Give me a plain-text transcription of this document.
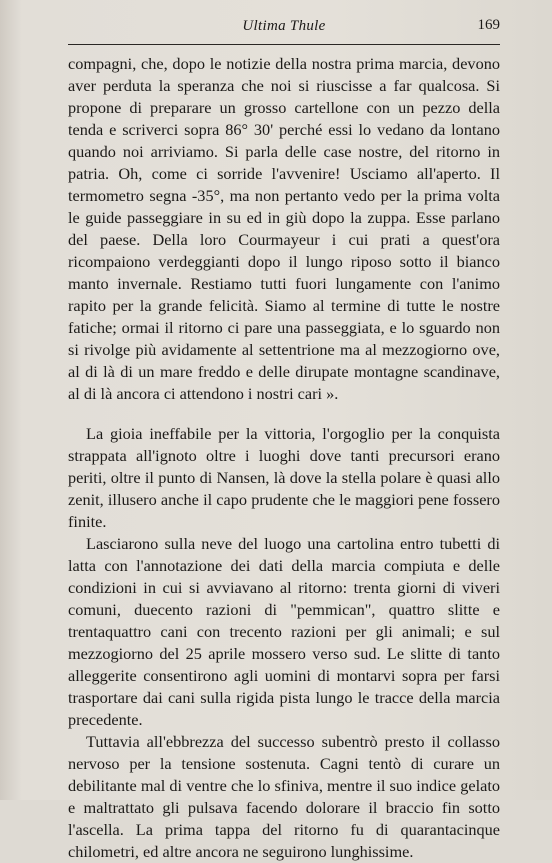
Ultima Thule	169

compagni, che, dopo le notizie della nostra prima marcia, devono aver perduta la speranza che noi si riuscisse a far qualcosa. Si propone di preparare un grosso cartellone con un pezzo della tenda e scriverci sopra 86° 30' perché essi lo vedano da lontano quando noi arriviamo. Si parla delle case nostre, del ritorno in patria. Oh, come ci sorride l'avvenire! Usciamo all'aperto. Il termometro segna -35°, ma non pertanto vedo per la prima volta le guide passeggiare in su ed in giù dopo la zuppa. Esse parlano del paese. Della loro Courmayeur i cui prati a quest'ora ricompaiono verdeggianti dopo il lungo riposo sotto il bianco manto invernale. Restiamo tutti fuori lungamente con l'animo rapito per la grande felicità. Siamo al termine di tutte le nostre fatiche; ormai il ritorno ci pare una passeggiata, e lo sguardo non si rivolge più avidamente al settentrione ma al mezzogiorno ove, al di là di un mare freddo e delle dirupate montagne scandinave, al di là ancora ci attendono i nostri cari ».

La gioia ineffabile per la vittoria, l'orgoglio per la conquista strappata all'ignoto oltre i luoghi dove tanti precursori erano periti, oltre il punto di Nansen, là dove la stella polare è quasi allo zenit, illusero anche il capo prudente che le maggiori pene fossero finite.

Lasciarono sulla neve del luogo una cartolina entro tubetti di latta con l'annotazione dei dati della marcia compiuta e delle condizioni in cui si avviavano al ritorno: trenta giorni di viveri comuni, duecento razioni di "pemmican", quattro slitte e trentaquattro cani con trecento razioni per gli animali; e sul mezzogiorno del 25 aprile mossero verso sud. Le slitte di tanto alleggerite consentirono agli uomini di montarvi sopra per farsi trasportare dai cani sulla rigida pista lungo le tracce della marcia precedente.

Tuttavia all'ebbrezza del successo subentrò presto il collasso nervoso per la tensione sostenuta. Cagni tentò di curare un debilitante mal di ventre che lo sfiniva, mentre il suo indice gelato e maltrattato gli pulsava facendo dolorare il braccio fin sotto l'ascella. La prima tappa del ritorno fu di quarantacinque chilometri, ed altre ancora ne seguirono lunghissime.
